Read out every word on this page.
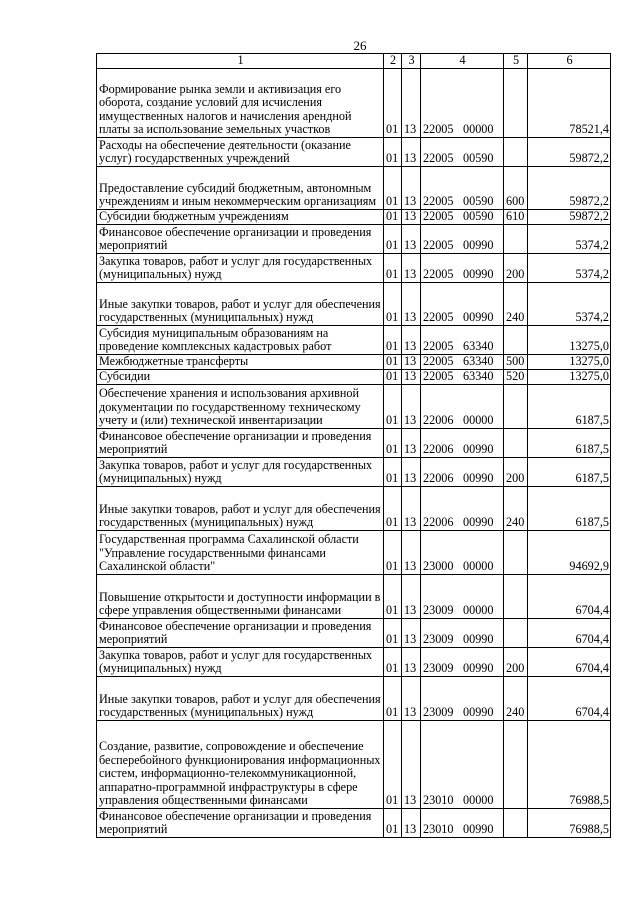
26
1	2	3	4	5	6
Формирование рынка земли и активизация его оборота, создание условий для исчисления имущественных налогов и начисления арендной платы за использование земельных участков	01	13	22005 00000		78521,4
Расходы на обеспечение деятельности (оказание услуг) государственных учреждений	01	13	22005 00590		59872,2
Предоставление субсидий бюджетным, автономным учреждениям и иным некоммерческим организациям	01	13	22005 00590	600	59872,2
Субсидии бюджетным учреждениям	01	13	22005 00590	610	59872,2
Финансовое обеспечение организации и проведения мероприятий	01	13	22005 00990		5374,2
Закупка товаров, работ и услуг для государственных (муниципальных) нужд	01	13	22005 00990	200	5374,2
Иные закупки товаров, работ и услуг для обеспечения государственных (муниципальных) нужд	01	13	22005 00990	240	5374,2
Субсидия муниципальным образованиям на проведение комплексных кадастровых работ	01	13	22005 63340		13275,0
Межбюджетные трансферты	01	13	22005 63340	500	13275,0
Субсидии	01	13	22005 63340	520	13275,0
Обеспечение хранения и использования архивной документации по государственному техническому учету и (или) технической инвентаризации	01	13	22006 00000		6187,5
Финансовое обеспечение организации и проведения мероприятий	01	13	22006 00990		6187,5
Закупка товаров, работ и услуг для государственных (муниципальных) нужд	01	13	22006 00990	200	6187,5
Иные закупки товаров, работ и услуг для обеспечения государственных (муниципальных) нужд	01	13	22006 00990	240	6187,5
Государственная программа Сахалинской области "Управление государственными финансами Сахалинской области"	01	13	23000 00000		94692,9
Повышение открытости и доступности информации в сфере управления общественными финансами	01	13	23009 00000		6704,4
Финансовое обеспечение организации и проведения мероприятий	01	13	23009 00990		6704,4
Закупка товаров, работ и услуг для государственных (муниципальных) нужд	01	13	23009 00990	200	6704,4
Иные закупки товаров, работ и услуг для обеспечения государственных (муниципальных) нужд	01	13	23009 00990	240	6704,4
Создание, развитие, сопровождение и обеспечение бесперебойного функционирования информационных систем, информационно-телекоммуникационной, аппаратно-программной инфраструктуры в сфере управления общественными финансами	01	13	23010 00000		76988,5
Финансовое обеспечение организации и проведения мероприятий	01	13	23010 00990		76988,5
